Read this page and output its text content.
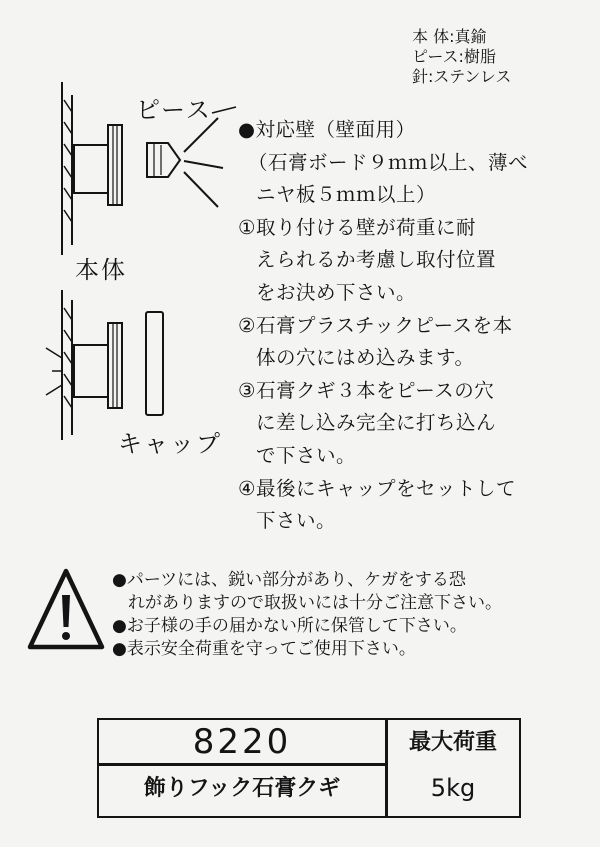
本 体:真鍮
ピース:樹脂
針:ステンレス
ピース
本体
キャップ
●対応壁（壁面用）
（石膏ボード９ｍｍ以上、薄べ
ニヤ板５ｍｍ以上）
①取り付ける壁が荷重に耐
えられるか考慮し取付位置
をお決め下さい。
②石膏プラスチックピースを本
体の穴にはめ込みます。
③石膏クギ３本をピースの穴
に差し込み完全に打ち込ん
で下さい。
④最後にキャップをセットして
下さい。
●パーツには、鋭い部分があり、ケガをする恐
れがありますので取扱いには十分ご注意下さい。
●お子様の手の届かない所に保管して下さい。
●表示安全荷重を守ってご使用下さい。
8220
飾りフック石膏クギ
最大荷重
5kg
